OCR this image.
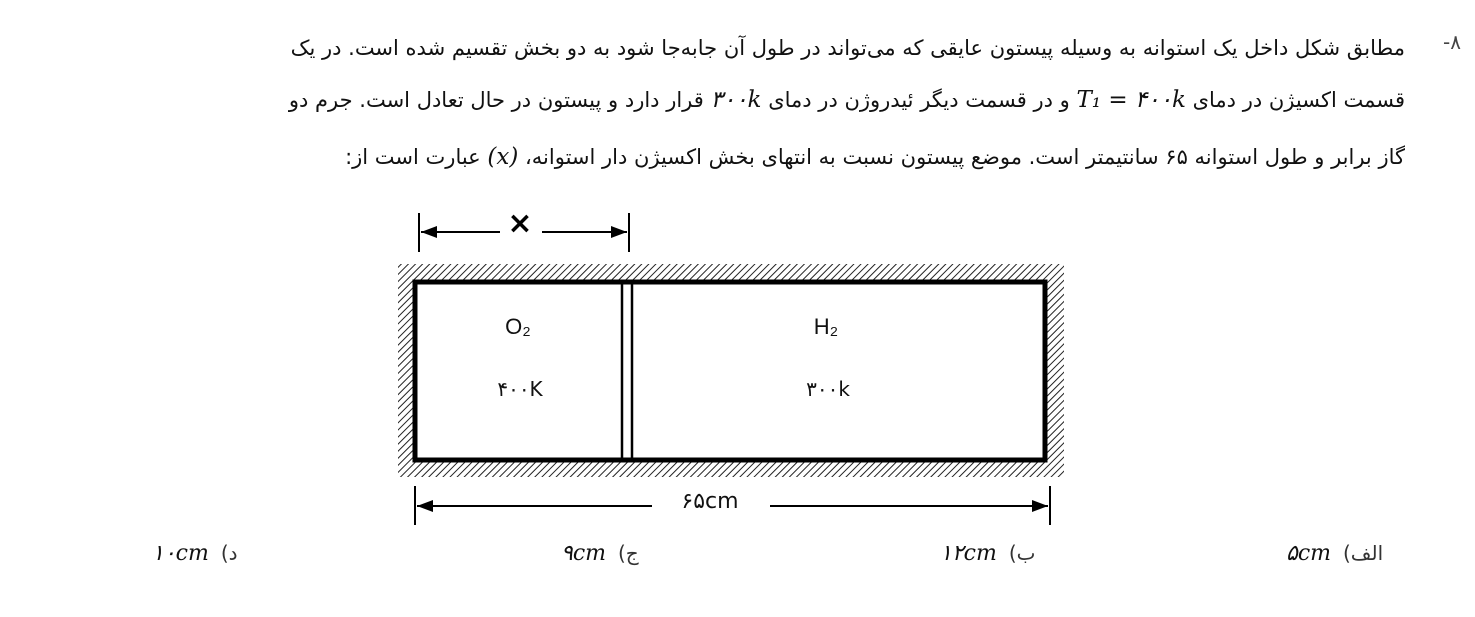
-۸
مطابق شکل داخل یک استوانه به وسیله پیستون عایقی که می‌تواند در طول آن جابه‌جا شود به دو بخش تقسیم شده است. در یک
قسمت اکسیژن در دمای T₁ = ۴۰۰k و در قسمت دیگر ئیدروژن در دمای ۳۰۰k قرار دارد و پیستون در حال تعادل است. جرم دو
گاز برابر و طول استوانه ۶۵ سانتیمتر است. موضع پیستون نسبت به انتهای بخش اکسیژن دار استوانه، (x) عبارت است از:
O₂
۴۰۰K
H₂
۳۰۰k
×
۶۵cm
۵cm الف)
۱۲cm ب)
۹cm ج)
۱۰cm د)
